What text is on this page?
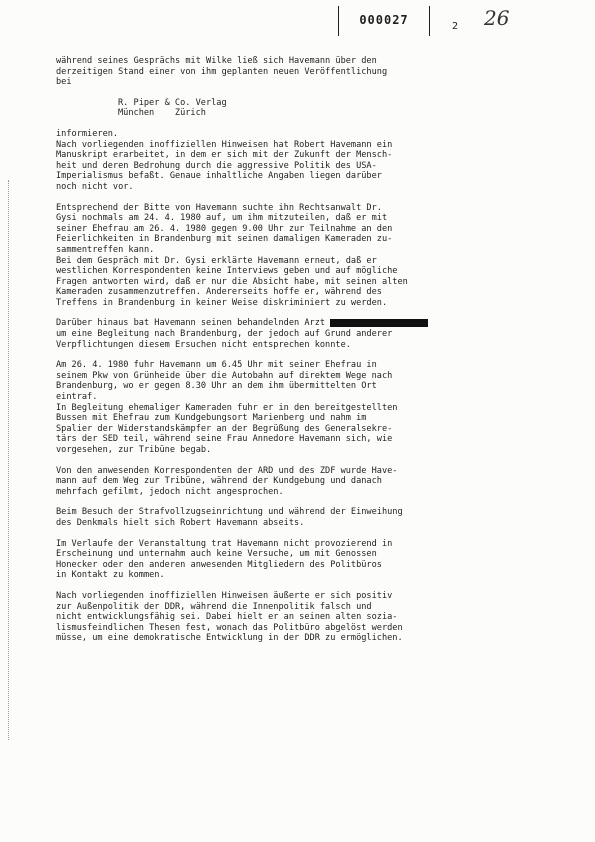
000027	2 26

während seines Gesprächs mit Wilke ließ sich Havemann über den
derzeitigen Stand einer von ihm geplanten neuen Veröffentlichung
bei

R. Piper & Co. Verlag
München    Zürich

informieren.
Nach vorliegenden inoffiziellen Hinweisen hat Robert Havemann ein
Manuskript erarbeitet, in dem er sich mit der Zukunft der Mensch-
heit und deren Bedrohung durch die aggressive Politik des USA-
Imperialismus befaßt. Genaue inhaltliche Angaben liegen darüber
noch nicht vor.

Entsprechend der Bitte von Havemann suchte ihn Rechtsanwalt Dr.
Gysi nochmals am 24. 4. 1980 auf, um ihm mitzuteilen, daß er mit
seiner Ehefrau am 26. 4. 1980 gegen 9.00 Uhr zur Teilnahme an den
Feierlichkeiten in Brandenburg mit seinen damaligen Kameraden zu-
sammentreffen kann.
Bei dem Gespräch mit Dr. Gysi erklärte Havemann erneut, daß er
westlichen Korrespondenten keine Interviews geben und auf mögliche
Fragen antworten wird, daß er nur die Absicht habe, mit seinen alten
Kameraden zusammenzutreffen. Andererseits hoffe er, während des
Treffens in Brandenburg in keiner Weise diskriminiert zu werden.

Darüber hinaus bat Havemann seinen behandelnden Arzt
um eine Begleitung nach Brandenburg, der jedoch auf Grund anderer
Verpflichtungen diesem Ersuchen nicht entsprechen konnte.

Am 26. 4. 1980 fuhr Havemann um 6.45 Uhr mit seiner Ehefrau in
seinem Pkw von Grünheide über die Autobahn auf direktem Wege nach
Brandenburg, wo er gegen 8.30 Uhr an dem ihm übermittelten Ort
eintraf.
In Begleitung ehemaliger Kameraden fuhr er in den bereitgestellten
Bussen mit Ehefrau zum Kundgebungsort Marienberg und nahm im
Spalier der Widerstandskämpfer an der Begrüßung des Generalsekre-
tärs der SED teil, während seine Frau Annedore Havemann sich, wie
vorgesehen, zur Tribüne begab.

Von den anwesenden Korrespondenten der ARD und des ZDF wurde Have-
mann auf dem Weg zur Tribüne, während der Kundgebung und danach
mehrfach gefilmt, jedoch nicht angesprochen.

Beim Besuch der Strafvollzugseinrichtung und während der Einweihung
des Denkmals hielt sich Robert Havemann abseits.

Im Verlaufe der Veranstaltung trat Havemann nicht provozierend in
Erscheinung und unternahm auch keine Versuche, um mit Genossen
Honecker oder den anderen anwesenden Mitgliedern des Politbüros
in Kontakt zu kommen.

Nach vorliegenden inoffiziellen Hinweisen äußerte er sich positiv
zur Außenpolitik der DDR, während die Innenpolitik falsch und
nicht entwicklungsfähig sei. Dabei hielt er an seinen alten sozia-
lismusfeindlichen Thesen fest, wonach das Politbüro abgelöst werden
müsse, um eine demokratische Entwicklung in der DDR zu ermöglichen.
